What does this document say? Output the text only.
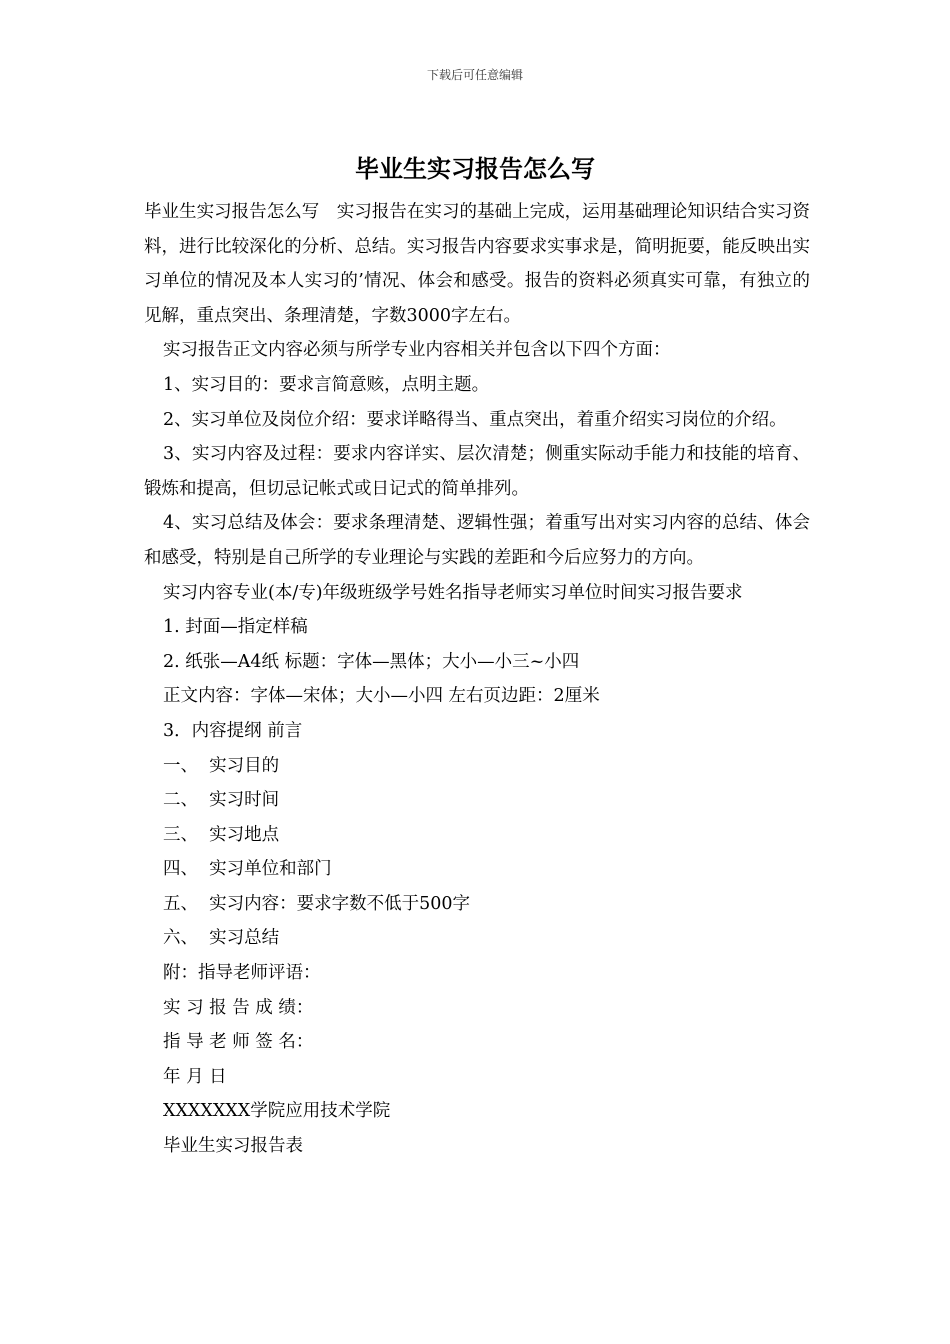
下载后可任意编辑
毕业生实习报告怎么写

毕业生实习报告怎么写　实习报告在实习的基础上完成，运用基础理论知识结合实习资料，进行比较深化的分析、总结。实习报告内容要求实事求是，简明扼要，能反映出实习单位的情况及本人实习的’情况、体会和感受。报告的资料必须真实可靠，有独立的见解，重点突出、条理清楚，字数3000字左右。

实习报告正文内容必须与所学专业内容相关并包含以下四个方面：

1、实习目的：要求言简意赅，点明主题。

2、实习单位及岗位介绍：要求详略得当、重点突出，着重介绍实习岗位的介绍。

3、实习内容及过程：要求内容详实、层次清楚；侧重实际动手能力和技能的培育、锻炼和提高，但切忌记帐式或日记式的简单排列。

4、实习总结及体会：要求条理清楚、逻辑性强；着重写出对实习内容的总结、体会和感受，特别是自己所学的专业理论与实践的差距和今后应努力的方向。

实习内容专业(本/专)年级班级学号姓名指导老师实习单位时间实习报告要求

1. 封面—指定样稿

2. 纸张—A4纸 标题：字体—黑体；大小—小三~小四

正文内容：字体—宋体；大小—小四 左右页边距：2厘米

3．内容提纲 前言

一、  实习目的

二、  实习时间

三、  实习地点

四、  实习单位和部门

五、  实习内容：要求字数不低于500字

六、  实习总结

附：指导老师评语：

实 习 报 告 成 绩：

指 导 老 师 签 名：

年 月 日

XXXXXXX学院应用技术学院

毕业生实习报告表
